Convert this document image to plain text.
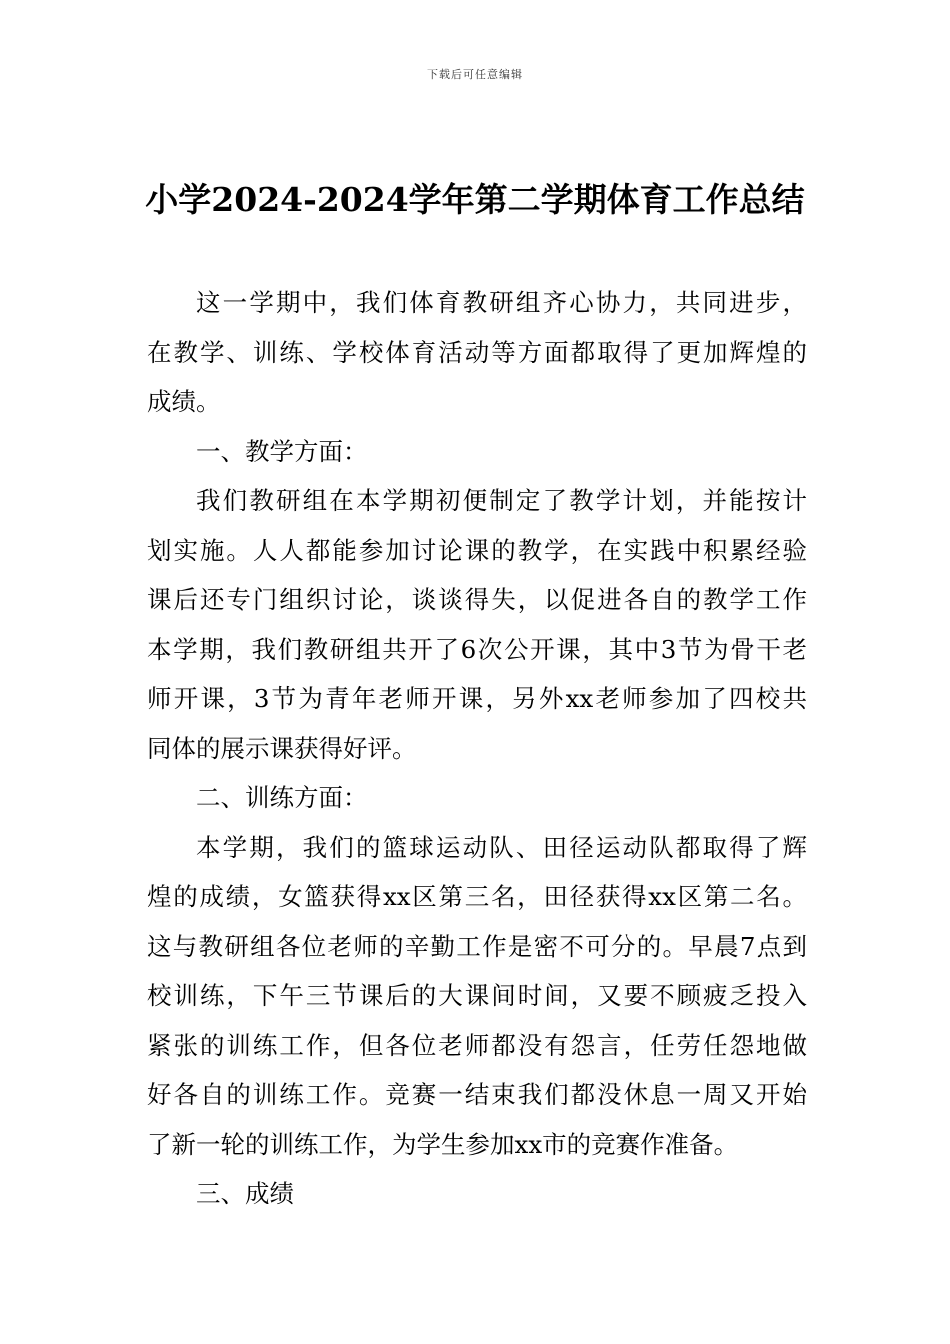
下载后可任意编辑
小学2024-2024学年第二学期体育工作总结
这一学期中，我们体育教研组齐心协力，共同进步，
在教学、训练、学校体育活动等方面都取得了更加辉煌的
成绩。
一、教学方面：
我们教研组在本学期初便制定了教学计划，并能按计
划实施。人人都能参加讨论课的教学，在实践中积累经验
课后还专门组织讨论，谈谈得失，以促进各自的教学工作
本学期，我们教研组共开了6次公开课，其中3节为骨干老
师开课，3节为青年老师开课，另外xx老师参加了四校共
同体的展示课获得好评。
二、训练方面：
本学期，我们的篮球运动队、田径运动队都取得了辉
煌的成绩，女篮获得xx区第三名，田径获得xx区第二名。
这与教研组各位老师的辛勤工作是密不可分的。早晨7点到
校训练，下午三节课后的大课间时间，又要不顾疲乏投入
紧张的训练工作，但各位老师都没有怨言，任劳任怨地做
好各自的训练工作。竞赛一结束我们都没休息一周又开始
了新一轮的训练工作，为学生参加xx市的竞赛作准备。
三、成绩
